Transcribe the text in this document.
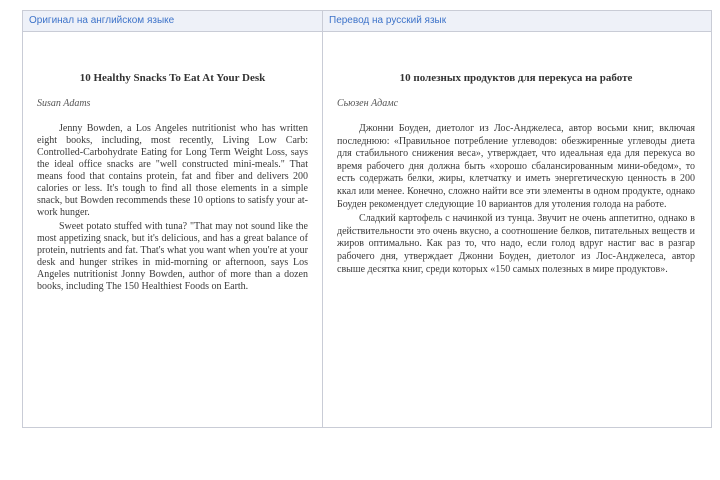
Оригинал на английском языке
10 Healthy Snacks To Eat At Your Desk
Susan Adams

Jenny Bowden, a Los Angeles nutritionist who has written eight books, including, most recently, Living Low Carb: Controlled-Carbohydrate Eating for Long Term Weight Loss, says the ideal office snacks are "well constructed mini-meals." That means food that contains protein, fat and fiber and delivers 200 calories or less. It's tough to find all those elements in a simple snack, but Bowden recommends these 10 options to satisfy your at-work hunger.

Sweet potato stuffed with tuna? "That may not sound like the most appetizing snack, but it's delicious, and has a great balance of protein, nutrients and fat. That's what you want when you're at your desk and hunger strikes in mid-morning or afternoon, says Los Angeles nutritionist Jonny Bowden, author of more than a dozen books, including The 150 Healthiest Foods on Earth.

Перевод на русский язык
10 полезных продуктов для перекуса на работе
Сьюзен Адамс

Джонни Боуден, диетолог из Лос-Анджелеса, автор восьми книг, включая последнюю: «Правильное потребление углеводов: обезжиренные углеводы диета для стабильного снижения веса», утверждает, что идеальная еда для перекуса во время рабочего дня должна быть «хорошо сбалансированным мини-обедом», то есть содержать белки, жиры, клетчатку и иметь энергетическую ценность в 200 ккал или менее. Конечно, сложно найти все эти элементы в одном продукте, однако Боуден рекомендует следующие 10 вариантов для утоления голода на работе.

Сладкий картофель с начинкой из тунца. Звучит не очень аппетитно, однако в действительности это очень вкусно, а соотношение белков, питательных веществ и жиров оптимально. Как раз то, что надо, если голод вдруг настиг вас в разгар рабочего дня, утверждает Джонни Боуден, диетолог из Лос-Анджелеса, автор свыше десятка книг, среди которых «150 самых полезных в мире продуктов».
